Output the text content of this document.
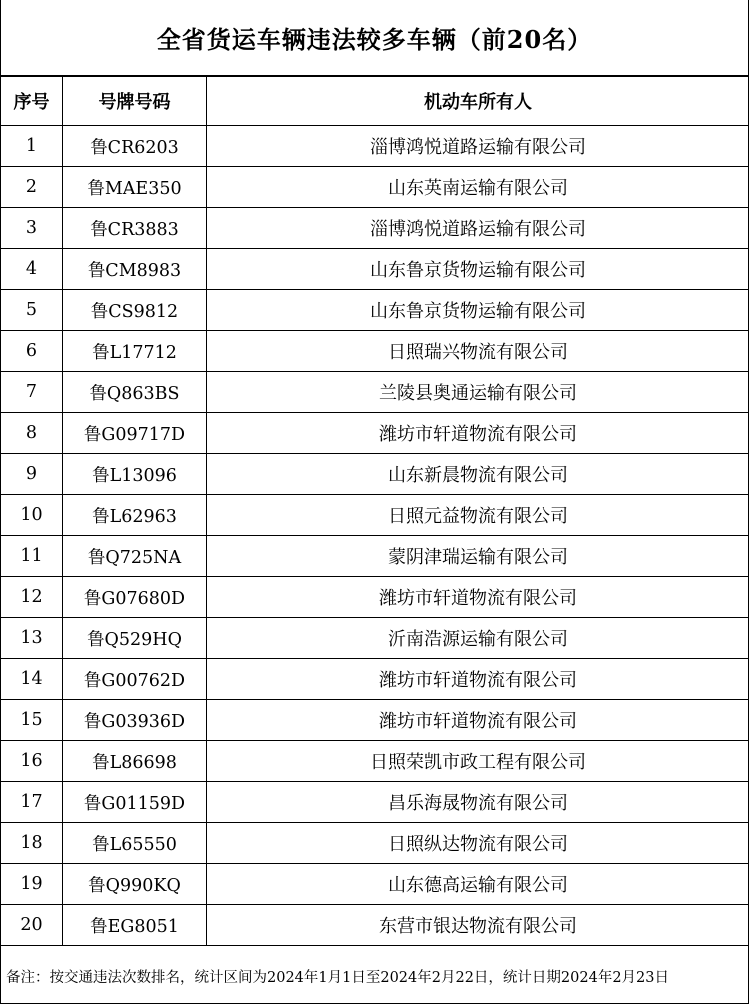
全省货运车辆违法较多车辆（前20名）
序号	号牌号码	机动车所有人
1	鲁CR6203	淄博鸿悦道路运输有限公司
2	鲁MAE350	山东英南运输有限公司
3	鲁CR3883	淄博鸿悦道路运输有限公司
4	鲁CM8983	山东鲁京货物运输有限公司
5	鲁CS9812	山东鲁京货物运输有限公司
6	鲁L17712	日照瑞兴物流有限公司
7	鲁Q863BS	兰陵县奥通运输有限公司
8	鲁G09717D	潍坊市轩道物流有限公司
9	鲁L13096	山东新晨物流有限公司
10	鲁L62963	日照元益物流有限公司
11	鲁Q725NA	蒙阴津瑞运输有限公司
12	鲁G07680D	潍坊市轩道物流有限公司
13	鲁Q529HQ	沂南浩源运输有限公司
14	鲁G00762D	潍坊市轩道物流有限公司
15	鲁G03936D	潍坊市轩道物流有限公司
16	鲁L86698	日照荣凯市政工程有限公司
17	鲁G01159D	昌乐海晟物流有限公司
18	鲁L65550	日照纵达物流有限公司
19	鲁Q990KQ	山东德高运输有限公司
20	鲁EG8051	东营市银达物流有限公司
备注：按交通违法次数排名，统计区间为2024年1月1日至2024年2月22日，统计日期2024年2月23日
